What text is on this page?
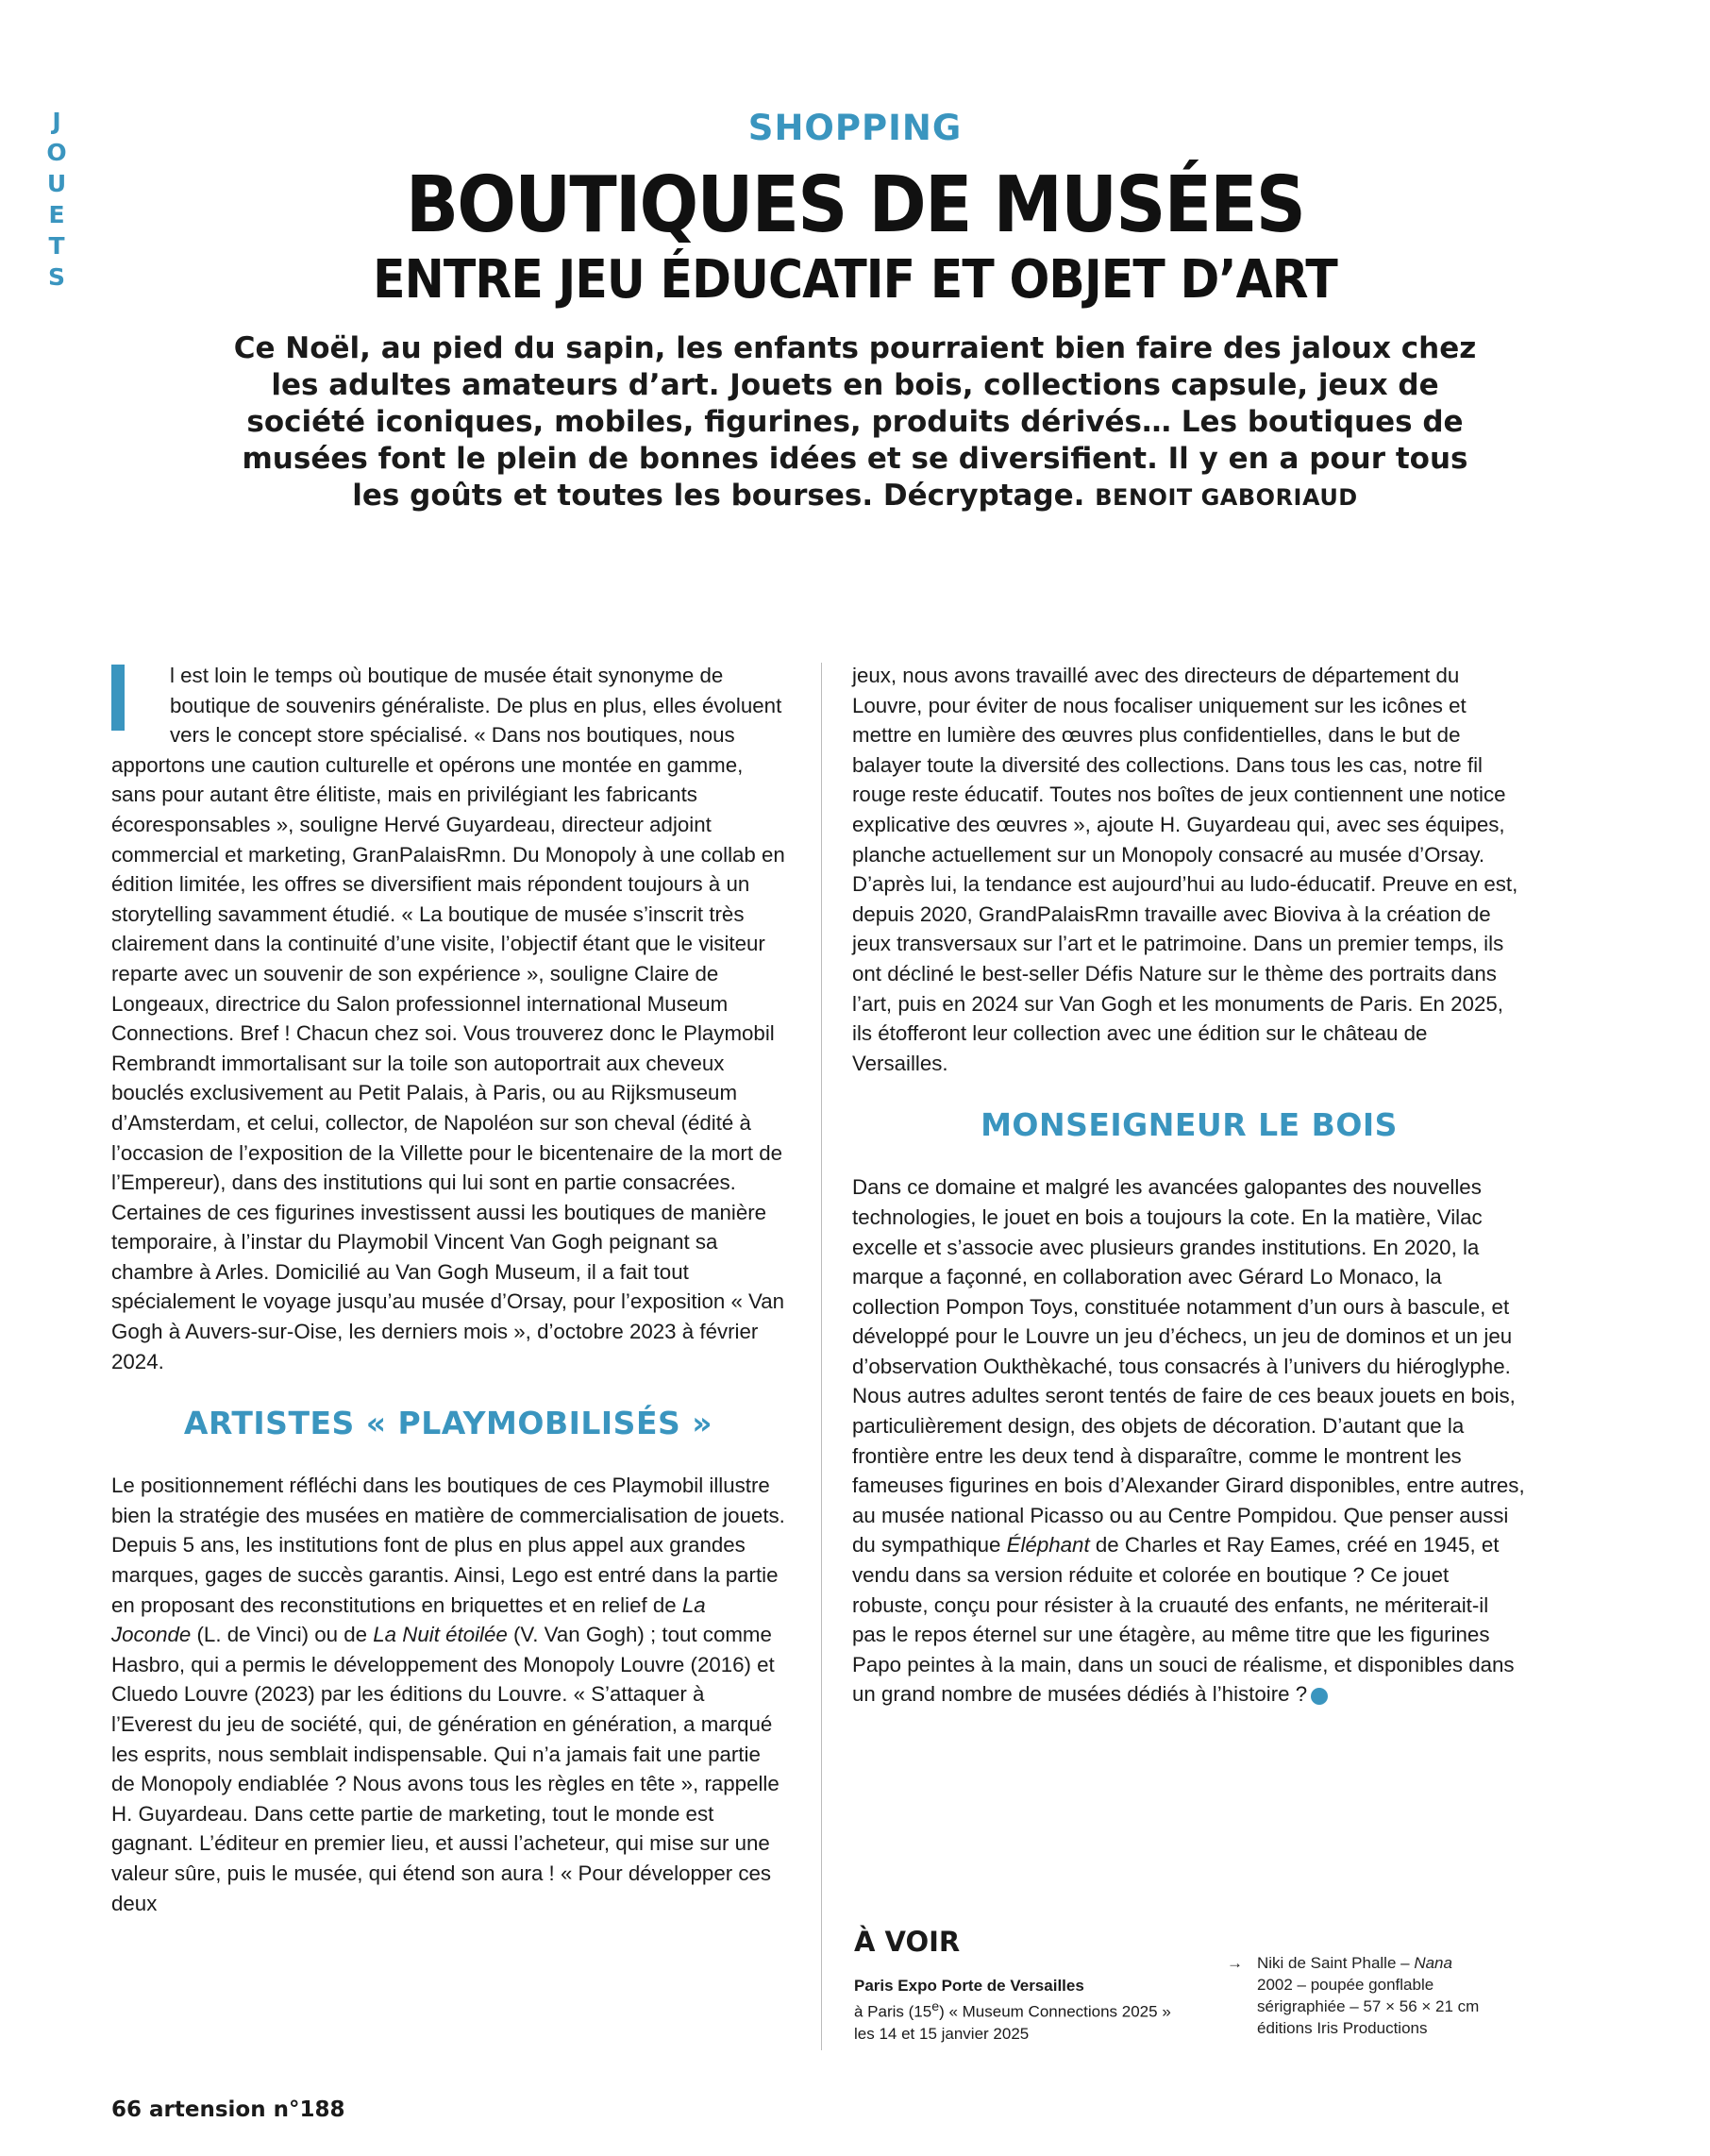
J
O
U
E
T
S
SHOPPING
BOUTIQUES DE MUSÉES
ENTRE JEU ÉDUCATIF ET OBJET D’ART
Ce Noël, au pied du sapin, les enfants pourraient bien faire des jaloux chez les adultes amateurs d’art. Jouets en bois, collections capsule, jeux de société iconiques, mobiles, figurines, produits dérivés… Les boutiques de musées font le plein de bonnes idées et se diversifient. Il y en a pour tous les goûts et toutes les bourses. Décryptage. BENOIT GABORIAUD

l est loin le temps où boutique de musée était synonyme de boutique de souvenirs généraliste. De plus en plus, elles évoluent vers le concept store spécialisé. « Dans nos boutiques, nous apportons une caution culturelle et opérons une montée en gamme, sans pour autant être élitiste, mais en privilégiant les fabricants écoresponsables », souligne Hervé Guyardeau, directeur adjoint commercial et marketing, GranPalaisRmn. Du Monopoly à une collab en édition limitée, les offres se diversifient mais répondent toujours à un storytelling savamment étudié. « La boutique de musée s’inscrit très clairement dans la continuité d’une visite, l’objectif étant que le visiteur reparte avec un souvenir de son expérience », souligne Claire de Longeaux, directrice du Salon professionnel international Museum Connections. Bref ! Chacun chez soi. Vous trouverez donc le Playmobil Rembrandt immortalisant sur la toile son autoportrait aux cheveux bouclés exclusivement au Petit Palais, à Paris, ou au Rijksmuseum d’Amsterdam, et celui, collector, de Napoléon sur son cheval (édité à l’occasion de l’exposition de la Villette pour le bicentenaire de la mort de l’Empereur), dans des institutions qui lui sont en partie consacrées. Certaines de ces figurines investissent aussi les boutiques de manière temporaire, à l’instar du Playmobil Vincent Van Gogh peignant sa chambre à Arles. Domicilié au Van Gogh Museum, il a fait tout spécialement le voyage jusqu’au musée d’Orsay, pour l’exposition « Van Gogh à Auvers-sur-Oise, les derniers mois », d’octobre 2023 à février 2024.

ARTISTES « PLAYMOBILISÉS »

Le positionnement réfléchi dans les boutiques de ces Playmobil illustre bien la stratégie des musées en matière de commercialisation de jouets. Depuis 5 ans, les institutions font de plus en plus appel aux grandes marques, gages de succès garantis. Ainsi, Lego est entré dans la partie en proposant des reconstitutions en briquettes et en relief de La Joconde (L. de Vinci) ou de La Nuit étoilée (V. Van Gogh) ; tout comme Hasbro, qui a permis le développement des Monopoly Louvre (2016) et Cluedo Louvre (2023) par les éditions du Louvre. « S’attaquer à l’Everest du jeu de société, qui, de génération en génération, a marqué les esprits, nous semblait indispensable. Qui n’a jamais fait une partie de Monopoly endiablée ? Nous avons tous les règles en tête », rappelle H. Guyardeau. Dans cette partie de marketing, tout le monde est gagnant. L’éditeur en premier lieu, et aussi l’acheteur, qui mise sur une valeur sûre, puis le musée, qui étend son aura ! « Pour développer ces deux

jeux, nous avons travaillé avec des directeurs de département du Louvre, pour éviter de nous focaliser uniquement sur les icônes et mettre en lumière des œuvres plus confidentielles, dans le but de balayer toute la diversité des collections. Dans tous les cas, notre fil rouge reste éducatif. Toutes nos boîtes de jeux contiennent une notice explicative des œuvres », ajoute H. Guyardeau qui, avec ses équipes, planche actuellement sur un Monopoly consacré au musée d’Orsay. D’après lui, la tendance est aujourd’hui au ludo-éducatif. Preuve en est, depuis 2020, GrandPalaisRmn travaille avec Bioviva à la création de jeux transversaux sur l’art et le patrimoine. Dans un premier temps, ils ont décliné le best-seller Défis Nature sur le thème des portraits dans l’art, puis en 2024 sur Van Gogh et les monuments de Paris. En 2025, ils étofferont leur collection avec une édition sur le château de Versailles.

MONSEIGNEUR LE BOIS

Dans ce domaine et malgré les avancées galopantes des nouvelles technologies, le jouet en bois a toujours la cote. En la matière, Vilac excelle et s’associe avec plusieurs grandes institutions. En 2020, la marque a façonné, en collaboration avec Gérard Lo Monaco, la collection Pompon Toys, constituée notamment d’un ours à bascule, et développé pour le Louvre un jeu d’échecs, un jeu de dominos et un jeu d’observation Oukthèkaché, tous consacrés à l’univers du hiéroglyphe. Nous autres adultes seront tentés de faire de ces beaux jouets en bois, particulièrement design, des objets de décoration. D’autant que la frontière entre les deux tend à disparaître, comme le montrent les fameuses figurines en bois d’Alexander Girard disponibles, entre autres, au musée national Picasso ou au Centre Pompidou. Que penser aussi du sympathique Éléphant de Charles et Ray Eames, créé en 1945, et vendu dans sa version réduite et colorée en boutique ? Ce jouet robuste, conçu pour résister à la cruauté des enfants, ne mériterait-il pas le repos éternel sur une étagère, au même titre que les figurines Papo peintes à la main, dans un souci de réalisme, et disponibles dans un grand nombre de musées dédiés à l’histoire ?

À VOIR
Paris Expo Porte de Versailles
à Paris (15e) « Museum Connections 2025 » les 14 et 15 janvier 2025
→ Niki de Saint Phalle – Nana
2002 – poupée gonflable
sérigraphiée – 57 × 56 × 21 cm
éditions Iris Productions
66 artension n°188
